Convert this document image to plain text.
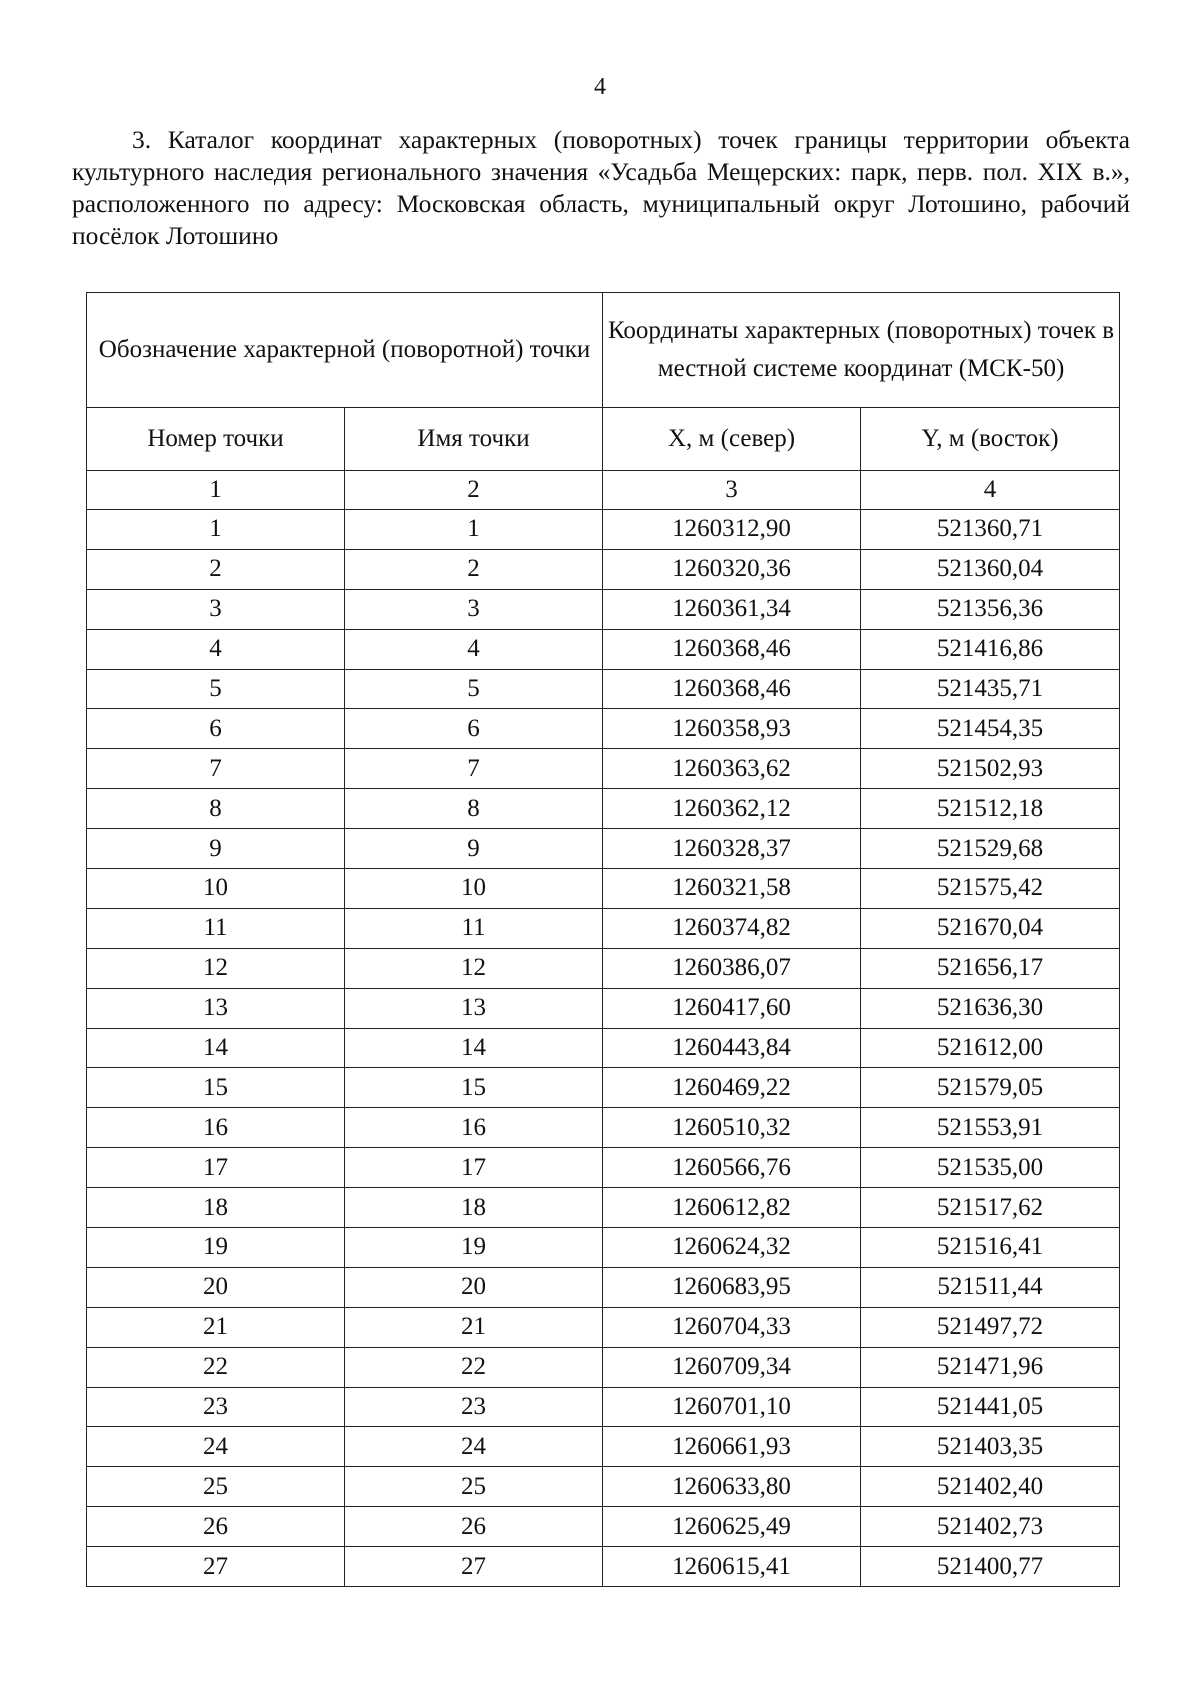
4

3. Каталог координат характерных (поворотных) точек границы территории объекта культурного наследия регионального значения «Усадьба Мещерских: парк, перв. пол. XIX в.», расположенного по адресу: Московская область, муниципальный округ Лотошино, рабочий посёлок Лотошино

Обозначение характерной (поворотной) точки		Координаты характерных (поворотных) точек в местной системе координат (МСК-50)	
Номер точки	Имя точки	X, м (север)	Y, м (восток)
1	2	3	4
1	1	1260312,90	521360,71
2	2	1260320,36	521360,04
3	3	1260361,34	521356,36
4	4	1260368,46	521416,86
5	5	1260368,46	521435,71
6	6	1260358,93	521454,35
7	7	1260363,62	521502,93
8	8	1260362,12	521512,18
9	9	1260328,37	521529,68
10	10	1260321,58	521575,42
11	11	1260374,82	521670,04
12	12	1260386,07	521656,17
13	13	1260417,60	521636,30
14	14	1260443,84	521612,00
15	15	1260469,22	521579,05
16	16	1260510,32	521553,91
17	17	1260566,76	521535,00
18	18	1260612,82	521517,62
19	19	1260624,32	521516,41
20	20	1260683,95	521511,44
21	21	1260704,33	521497,72
22	22	1260709,34	521471,96
23	23	1260701,10	521441,05
24	24	1260661,93	521403,35
25	25	1260633,80	521402,40
26	26	1260625,49	521402,73
27	27	1260615,41	521400,77
